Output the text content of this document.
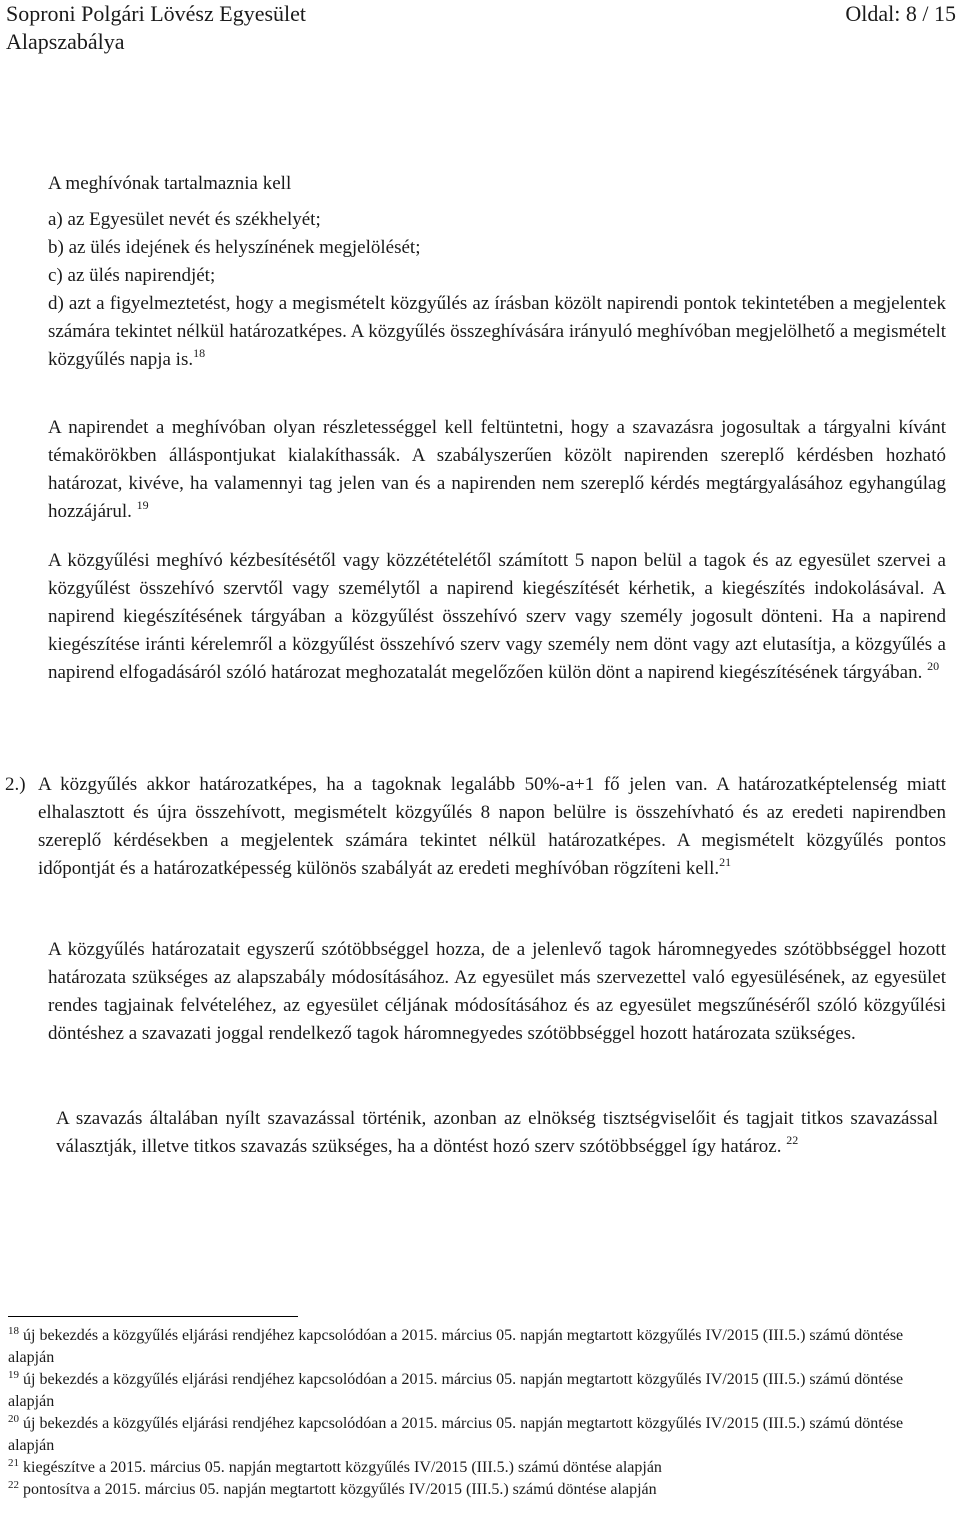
Soproni Polgári Lövész Egyesület	Oldal: 8 / 15
Alapszabálya

A meghívónak tartalmaznia kell

a) az Egyesület nevét és székhelyét;

b) az ülés idejének és helyszínének megjelölését;

c) az ülés napirendjét;

d) azt a figyelmeztetést, hogy a megismételt közgyűlés az írásban közölt napirendi pontok tekintetében a megjelentek számára tekintet nélkül határozatképes. A közgyűlés összeghívására irányuló meghívóban megjelölhető a megismételt közgyűlés napja is.$^{18}$

A napirendet a meghívóban olyan részletességgel kell feltüntetni, hogy a szavazásra jogosultak a tárgyalni kívánt témakörökben álláspontjukat kialakíthassák. A szabályszerűen közölt napirenden szereplő kérdésben hozható határozat, kivéve, ha valamennyi tag jelen van és a napirenden nem szereplő kérdés megtárgyalásához egyhangúlag hozzájárul. $^{19}$

A közgyűlési meghívó kézbesítésétől vagy közzétételétől számított 5 napon belül a tagok és az egyesület szervei a közgyűlést összehívó szervtől vagy személytől a napirend kiegészítését kérhetik, a kiegészítés indokolásával. A napirend kiegészítésének tárgyában a közgyűlést összehívó szerv vagy személy jogosult dönteni. Ha a napirend kiegészítése iránti kérelemről a közgyűlést összehívó szerv vagy személy nem dönt vagy azt elutasítja, a közgyűlés a napirend elfogadásáról szóló határozat meghozatalát megelőzően külön dönt a napirend kiegészítésének tárgyában. $^{20}$

2.) A közgyűlés akkor határozatképes, ha a tagoknak legalább 50%-a+1 fő jelen van. A határozatképtelenség miatt elhalasztott és újra összehívott, megismételt közgyűlés 8 napon belülre is összehívható és az eredeti napirendben szereplő kérdésekben a megjelentek számára tekintet nélkül határozatképes. A megismételt közgyűlés pontos időpontját és a határozatképesség különös szabályát az eredeti meghívóban rögzíteni kell.$^{21}$

A közgyűlés határozatait egyszerű szótöbbséggel hozza, de a jelenlevő tagok háromnegyedes szótöbbséggel hozott határozata szükséges az alapszabály módosításához. Az egyesület más szervezettel való egyesülésének, az egyesület rendes tagjainak felvételéhez, az egyesület céljának módosításához és az egyesület megszűnéséről szóló közgyűlési döntéshez a szavazati joggal rendelkező tagok háromnegyedes szótöbbséggel hozott határozata szükséges.

A szavazás általában nyílt szavazással történik, azonban az elnökség tisztségviselőit és tagjait titkos szavazással választják, illetve titkos szavazás szükséges, ha a döntést hozó szerv szótöbbséggel így határoz. $^{22}$

$^{18}$ új bekezdés a közgyűlés eljárási rendjéhez kapcsolódóan a 2015. március 05. napján megtartott közgyűlés IV/2015 (III.5.) számú döntése alapján

$^{19}$ új bekezdés a közgyűlés eljárási rendjéhez kapcsolódóan a 2015. március 05. napján megtartott közgyűlés IV/2015 (III.5.) számú döntése alapján

$^{20}$ új bekezdés a közgyűlés eljárási rendjéhez kapcsolódóan a 2015. március 05. napján megtartott közgyűlés IV/2015 (III.5.) számú döntése alapján

$^{21}$ kiegészítve a 2015. március 05. napján megtartott közgyűlés IV/2015 (III.5.) számú döntése alapján

$^{22}$ pontosítva a 2015. március 05. napján megtartott közgyűlés IV/2015 (III.5.) számú döntése alapján
